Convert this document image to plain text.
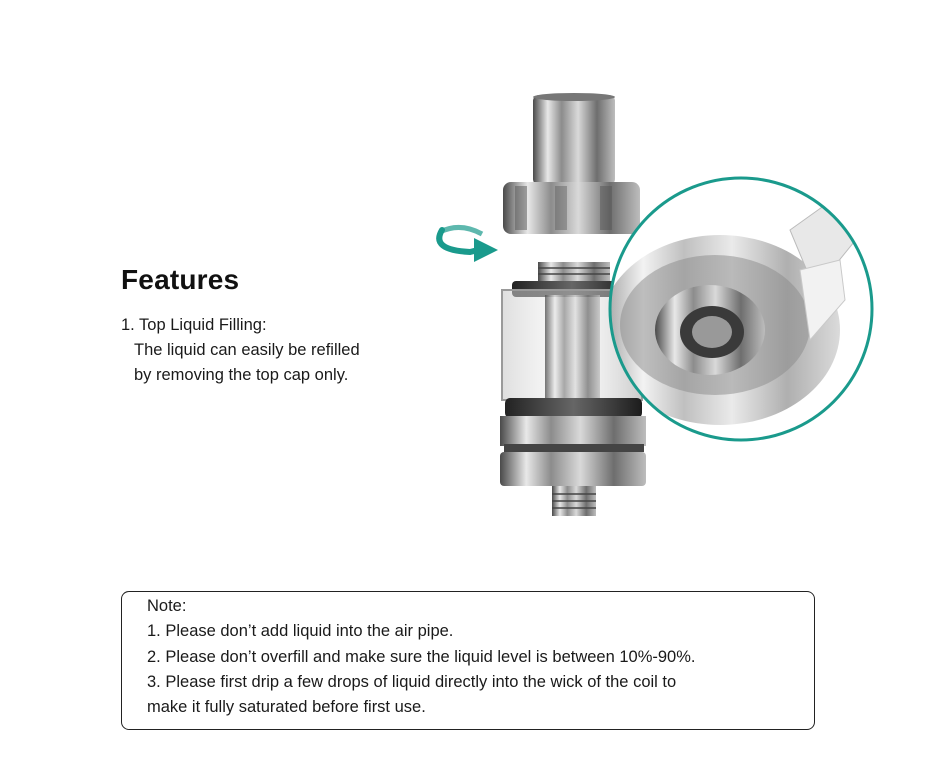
Features
1. Top Liquid Filling:
The liquid can easily be refilled
by removing the top cap only.
Note:
1. Please don’t add liquid into the air pipe.
2. Please don’t overfill and make sure the liquid level is between 10%-90%.
3. Please first drip a few drops of liquid directly into the wick of the coil to
make it fully saturated before first use.
